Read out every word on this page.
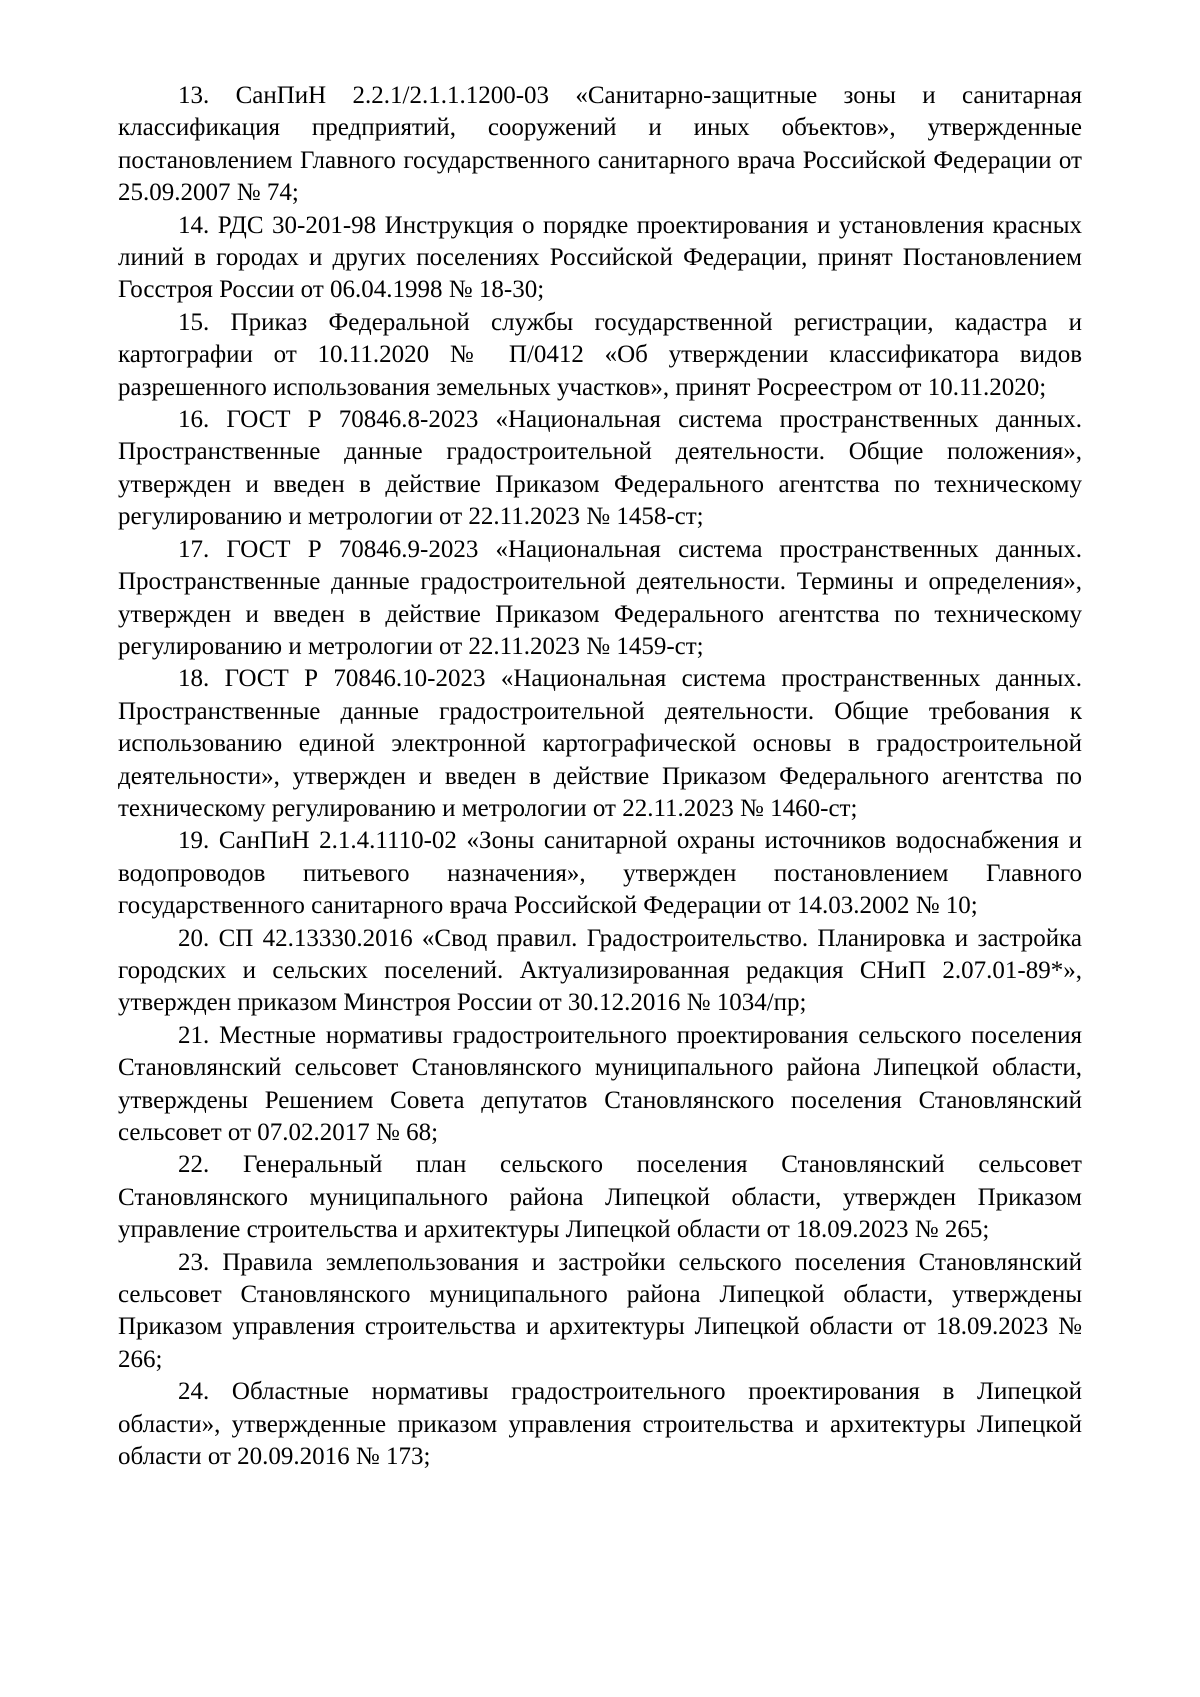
13. СанПиН 2.2.1/2.1.1.1200-03 «Санитарно-защитные зоны и санитарная классификация предприятий, сооружений и иных объектов», утвержденные постановлением Главного государственного санитарного врача Российской Федерации от 25.09.2007 № 74;

14. РДС 30-201-98 Инструкция о порядке проектирования и установления красных линий в городах и других поселениях Российской Федерации, принят Постановлением Госстроя России от 06.04.1998 № 18-30;

15. Приказ Федеральной службы государственной регистрации, кадастра и картографии от 10.11.2020 № П/0412 «Об утверждении классификатора видов разрешенного использования земельных участков», принят Росреестром от 10.11.2020;

16. ГОСТ Р 70846.8-2023 «Национальная система пространственных данных. Пространственные данные градостроительной деятельности. Общие положения», утвержден и введен в действие Приказом Федерального агентства по техническому регулированию и метрологии от 22.11.2023 № 1458-ст;

17. ГОСТ Р 70846.9-2023 «Национальная система пространственных данных. Пространственные данные градостроительной деятельности. Термины и определения», утвержден и введен в действие Приказом Федерального агентства по техническому регулированию и метрологии от 22.11.2023 № 1459-ст;

18. ГОСТ Р 70846.10-2023 «Национальная система пространственных данных. Пространственные данные градостроительной деятельности. Общие требования к использованию единой электронной картографической основы в градостроительной деятельности», утвержден и введен в действие Приказом Федерального агентства по техническому регулированию и метрологии от 22.11.2023 № 1460-ст;

19. СанПиН 2.1.4.1110-02 «Зоны санитарной охраны источников водоснабжения и водопроводов питьевого назначения», утвержден постановлением Главного государственного санитарного врача Российской Федерации от 14.03.2002 № 10;

20. СП 42.13330.2016 «Свод правил. Градостроительство. Планировка и застройка городских и сельских поселений. Актуализированная редакция СНиП 2.07.01-89*», утвержден приказом Минстроя России от 30.12.2016 № 1034/пр;

21. Местные нормативы градостроительного проектирования сельского поселения Становлянский сельсовет Становлянского муниципального района Липецкой области, утверждены Решением Совета депутатов Становлянского поселения Становлянский сельсовет от 07.02.2017 № 68;

22. Генеральный план сельского поселения Становлянский сельсовет Становлянского муниципального района Липецкой области, утвержден Приказом управление строительства и архитектуры Липецкой области от 18.09.2023 № 265;

23. Правила землепользования и застройки сельского поселения Становлянский сельсовет Становлянского муниципального района Липецкой области, утверждены Приказом управления строительства и архитектуры Липецкой области от 18.09.2023 № 266;

24. Областные нормативы градостроительного проектирования в Липецкой области», утвержденные приказом управления строительства и архитектуры Липецкой области от 20.09.2016 № 173;
